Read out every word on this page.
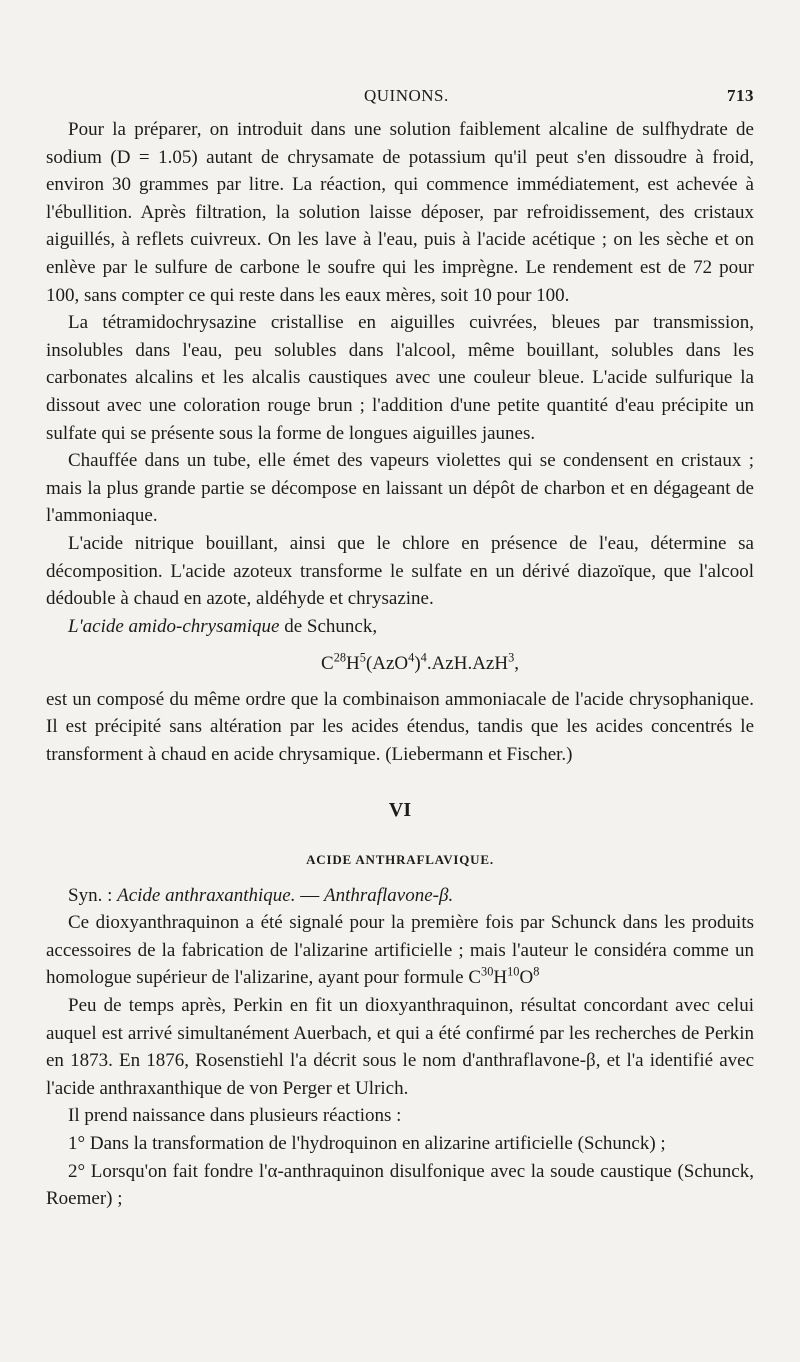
QUINONS.	713

Pour la préparer, on introduit dans une solution faiblement alcaline de sulfhydrate de sodium (D = 1.05) autant de chrysamate de potassium qu'il peut s'en dissoudre à froid, environ 30 grammes par litre. La réaction, qui commence immédiatement, est achevée à l'ébullition. Après filtration, la solution laisse déposer, par refroidissement, des cristaux aiguillés, à reflets cuivreux. On les lave à l'eau, puis à l'acide acétique ; on les sèche et on enlève par le sulfure de carbone le soufre qui les imprègne. Le rendement est de 72 pour 100, sans compter ce qui reste dans les eaux mères, soit 10 pour 100.

La tétramidochrysazine cristallise en aiguilles cuivrées, bleues par transmission, insolubles dans l'eau, peu solubles dans l'alcool, même bouillant, solubles dans les carbonates alcalins et les alcalis caustiques avec une couleur bleue. L'acide sulfurique la dissout avec une coloration rouge brun ; l'addition d'une petite quantité d'eau précipite un sulfate qui se présente sous la forme de longues aiguilles jaunes.

Chauffée dans un tube, elle émet des vapeurs violettes qui se condensent en cristaux ; mais la plus grande partie se décompose en laissant un dépôt de charbon et en dégageant de l'ammoniaque.

L'acide nitrique bouillant, ainsi que le chlore en présence de l'eau, détermine sa décomposition. L'acide azoteux transforme le sulfate en un dérivé diazoïque, que l'alcool dédouble à chaud en azote, aldéhyde et chrysazine.

L'acide amido-chrysamique de Schunck,

$C^{28}H^5(AzO^4)^4.AzH.AzH^3$,

est un composé du même ordre que la combinaison ammoniacale de l'acide chrysophanique. Il est précipité sans altération par les acides étendus, tandis que les acides concentrés le transforment à chaud en acide chrysamique. (Liebermann et Fischer.)

VI
ACIDE ANTHRAFLAVIQUE.

Syn. : Acide anthraxanthique. — Anthraflavone-β.

Ce dioxyanthraquinon a été signalé pour la première fois par Schunck dans les produits accessoires de la fabrication de l'alizarine artificielle ; mais l'auteur le considéra comme un homologue supérieur de l'alizarine, ayant pour formule $C^{30}H^{10}O^8$

Peu de temps après, Perkin en fit un dioxyanthraquinon, résultat concordant avec celui auquel est arrivé simultanément Auerbach, et qui a été confirmé par les recherches de Perkin en 1873. En 1876, Rosenstiehl l'a décrit sous le nom d'anthraflavone-β, et l'a identifié avec l'acide anthraxanthique de von Perger et Ulrich.

Il prend naissance dans plusieurs réactions :

1° Dans la transformation de l'hydroquinon en alizarine artificielle (Schunck) ;

2° Lorsqu'on fait fondre l'α-anthraquinon disulfonique avec la soude caustique (Schunck, Roemer) ;
